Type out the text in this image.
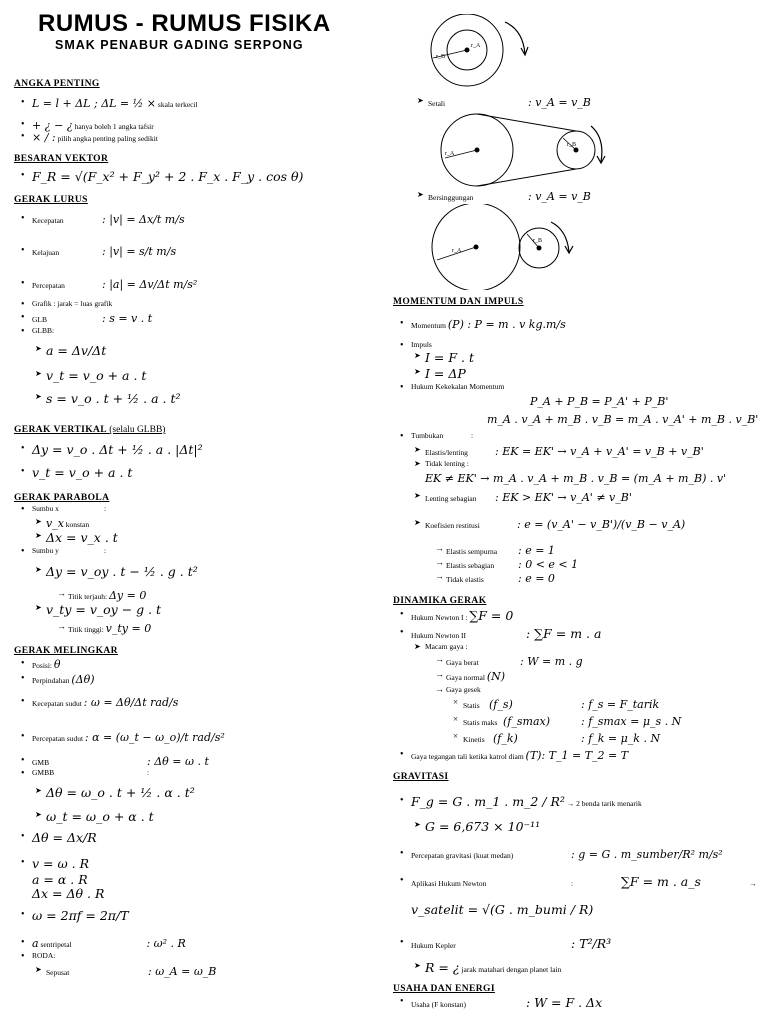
RUMUS - RUMUS FISIKA
SMAK PENABUR GADING SERPONG
ANGKA PENTING
• L = l + ΔL ; ΔL = ½ × skala terkecil
• + ¿ − ¿ hanya boleh 1 angka tafsir
• × / : pilih angka penting paling sedikit
BESARAN VEKTOR
• F_R = √(F_x² + F_y² + 2 . F_x . F_y . cos θ)
GERAK LURUS
• Kecepatan	: |v| = Δx/t m/s
• Kelajuan	: |v| = s/t m/s
• Percepatan	: |a| = Δv/Δt m/s²
• Grafik : jarak = luas grafik
• GLB	: s = v . t
• GLBB:
➤ a = Δv/Δt
➤ v_t = v_o + a . t
➤ s = v_o . t + ½ . a . t²
GERAK VERTIKAL (selalu GLBB)
• Δy = v_o . Δt + ½ . a . |Δt|²
• v_t = v_o + a . t
GERAK PARABOLA
• Sumbu x	:
➤ v_x konstan
➤ Δx = v_x . t
• Sumbu y	:
➤ Δy = v_oy . t − ½ . g . t²
→ Titik terjauh: Δy = 0
➤ v_ty = v_oy − g . t
→ Titik tinggi: v_ty = 0
GERAK MELINGKAR
• Posisi: θ
• Perpindahan (Δθ)
• Kecepatan sudut : ω = Δθ/Δt rad/s
• Percepatan sudut : α = (ω_t − ω_o)/t rad/s²
• GMB	: Δθ = ω . t
• GMBB	:
➤ Δθ = ω_o . t + ½ . α . t²
➤ ω_t = ω_o + α . t
• Δθ = Δx/R
• v = ω . R
a = α . R
Δx = Δθ . R
• ω = 2πf = 2π/T
• a sentripetal	: ω² . R
• RODA:
➤ Sepusat	: ω_A = ω_B
r_A
r_B
➤ Setali	: v_A = v_B
r_A
r_B
➤ Bersinggungan	: v_A = v_B
r_A
r_B
MOMENTUM DAN IMPULS
• Momentum (P) : P = m . v kg.m/s
• Impuls
➤ I = F . t
➤ I = ΔP
• Hukum Kekekalan Momentum
P_A + P_B = P_A' + P_B'
m_A . v_A + m_B . v_B = m_A . v_A' + m_B . v_B'
• Tumbukan	:
➤ Elastis/lenting : EK = EK' → v_A + v_A' = v_B + v_B'
➤ Tidak lenting :
EK ≠ EK' → m_A . v_A + m_B . v_B = (m_A + m_B) . v'
➤ Lenting sebagian : EK > EK' → v_A' ≠ v_B'
➤ Koefisien restitusi	: e = (v_A' − v_B')/(v_B − v_A)
→ Elastis sempurna : e = 1
→ Elastis sebagian : 0 < e < 1
→ Tidak elastis	: e = 0
DINAMIKA GERAK
• Hukum Newton I : ∑F = 0
• Hukum Newton II	: ∑F = m . a
➤ Macam gaya :
→ Gaya berat	: W = m . g
→ Gaya normal (N)
→ Gaya gesek
× Statis (f_s)	: f_s = F_tarik
× Statis maks (f_smax)	: f_smax = μ_s . N
× Kinetis (f_k)	: f_k = μ_k . N
• Gaya tegangan tali ketika katrol diam (T): T_1 = T_2 = T
GRAVITASI
• F_g = G . m_1 . m_2 / R² → 2 benda tarik menarik
➤ G = 6,673 × 10⁻¹¹
• Percepatan gravitasi (kuat medan)	: g = G . m_sumber/R² m/s²
• Aplikasi Hukum Newton	:	∑F = m . a_s	→
v_satelit = √(G . m_bumi / R)
• Hukum Kepler	: T²/R³
➤ R = ¿ jarak matahari dengan planet lain
USAHA DAN ENERGI
• Usaha (F konstan)	: W = F . Δx
